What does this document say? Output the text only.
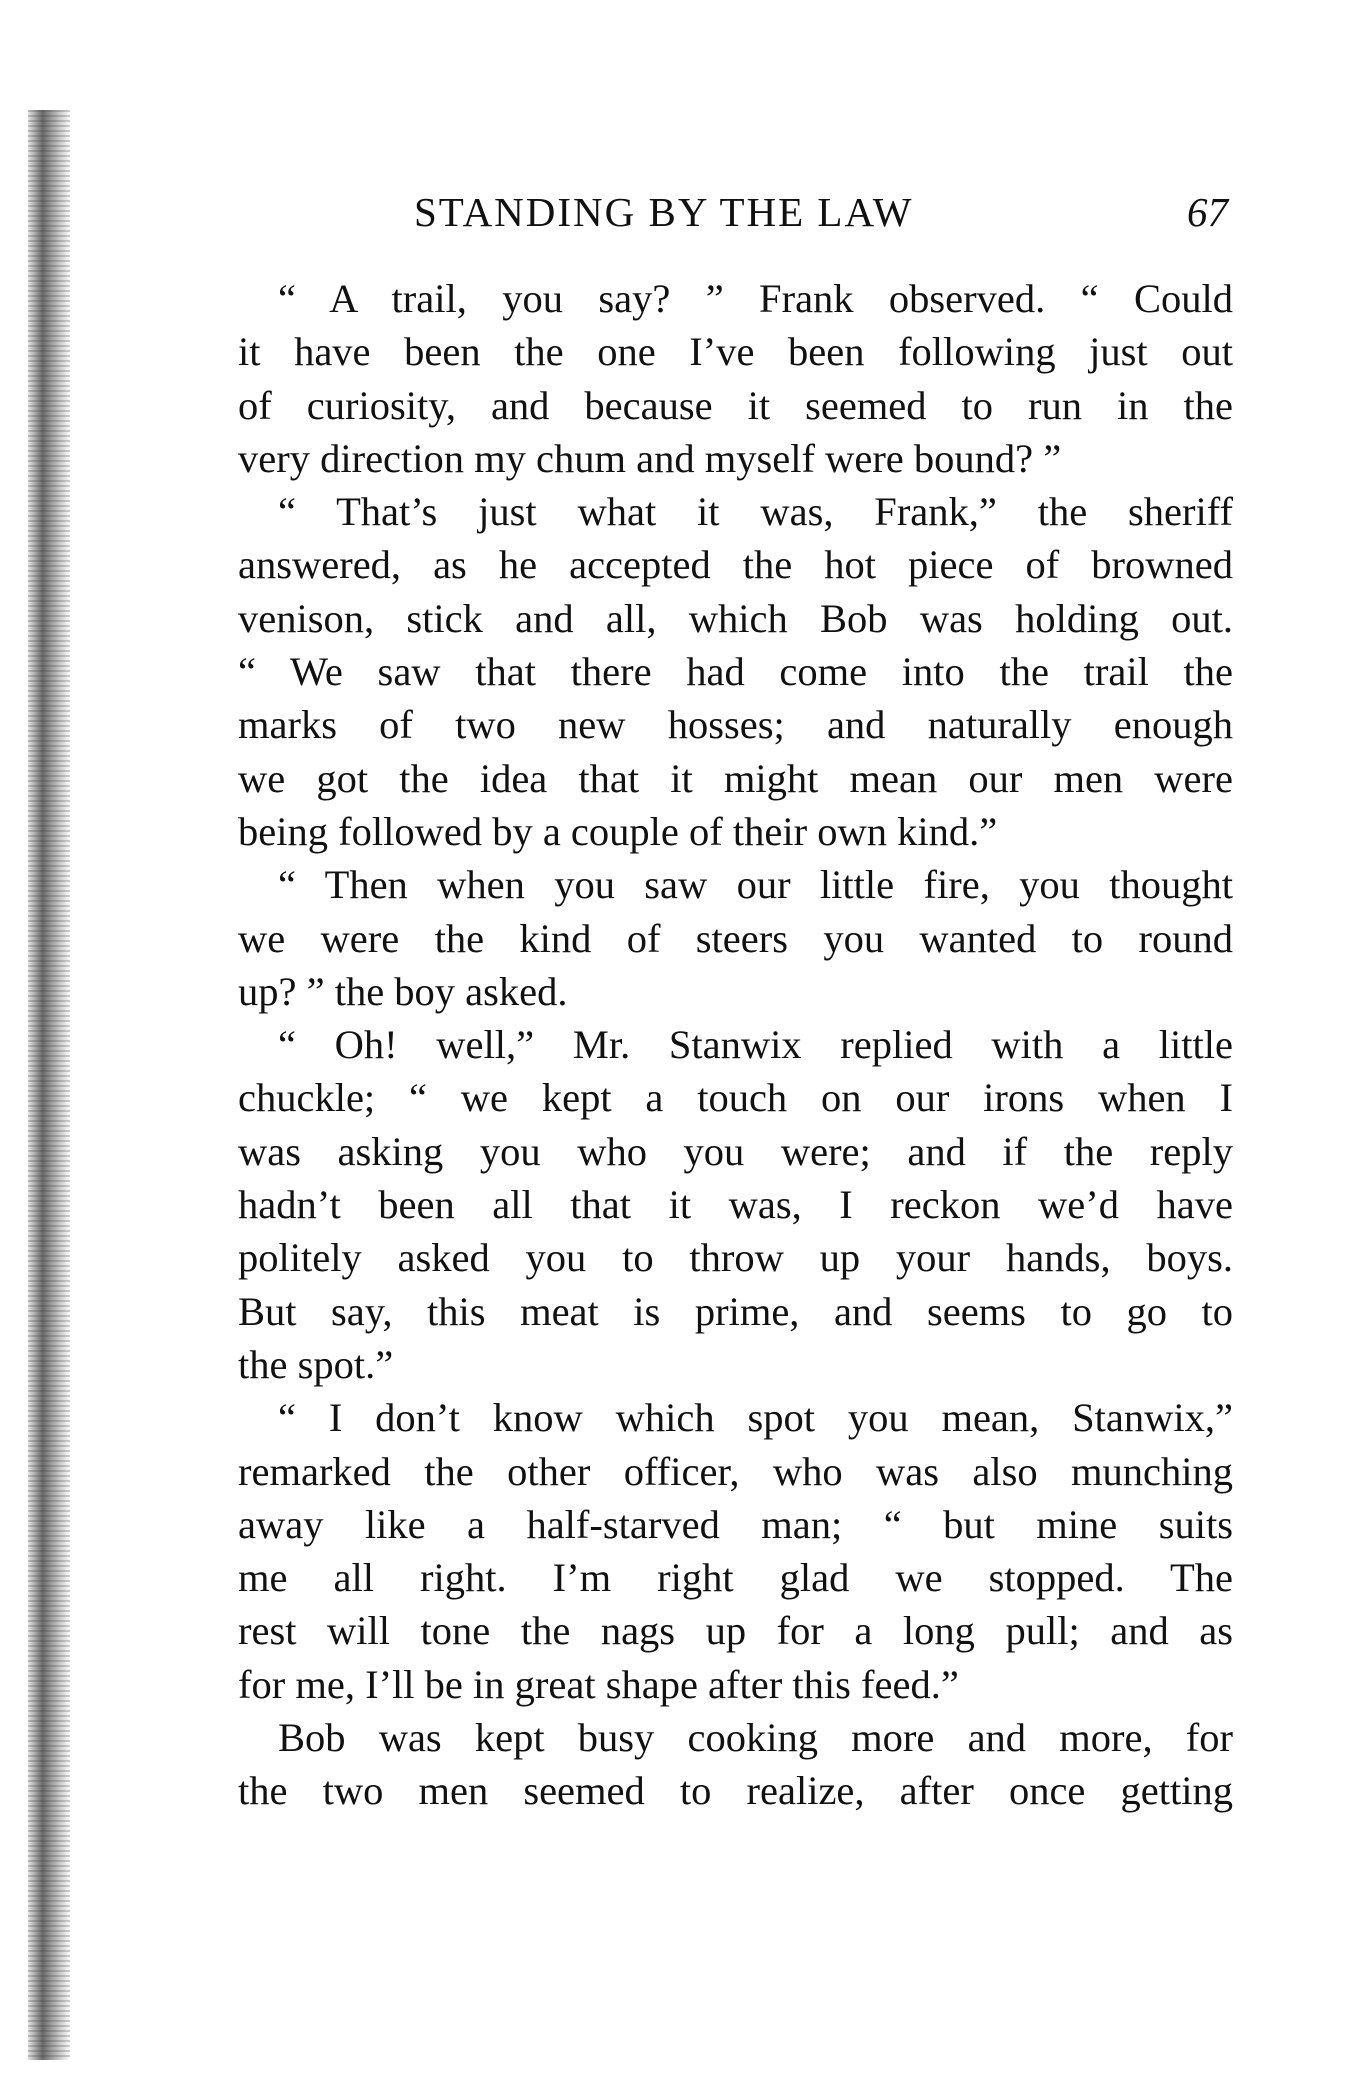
STANDING BY THE LAW	67
“ A trail, you say? ” Frank observed. “ Could
it have been the one I’ve been following just out
of curiosity, and because it seemed to run in the
very direction my chum and myself were bound? ”
“ That’s just what it was, Frank,” the sheriff
answered, as he accepted the hot piece of browned
venison, stick and all, which Bob was holding out.
“ We saw that there had come into the trail the
marks of two new hosses; and naturally enough
we got the idea that it might mean our men were
being followed by a couple of their own kind.”
“ Then when you saw our little fire, you thought
we were the kind of steers you wanted to round
up? ” the boy asked.
“ Oh! well,” Mr. Stanwix replied with a little
chuckle; “ we kept a touch on our irons when I
was asking you who you were; and if the reply
hadn’t been all that it was, I reckon we’d have
politely asked you to throw up your hands, boys.
But say, this meat is prime, and seems to go to
the spot.”
“ I don’t know which spot you mean, Stanwix,”
remarked the other officer, who was also munching
away like a half-starved man; “ but mine suits
me all right. I’m right glad we stopped. The
rest will tone the nags up for a long pull; and as
for me, I’ll be in great shape after this feed.”
Bob was kept busy cooking more and more, for
the two men seemed to realize, after once getting
